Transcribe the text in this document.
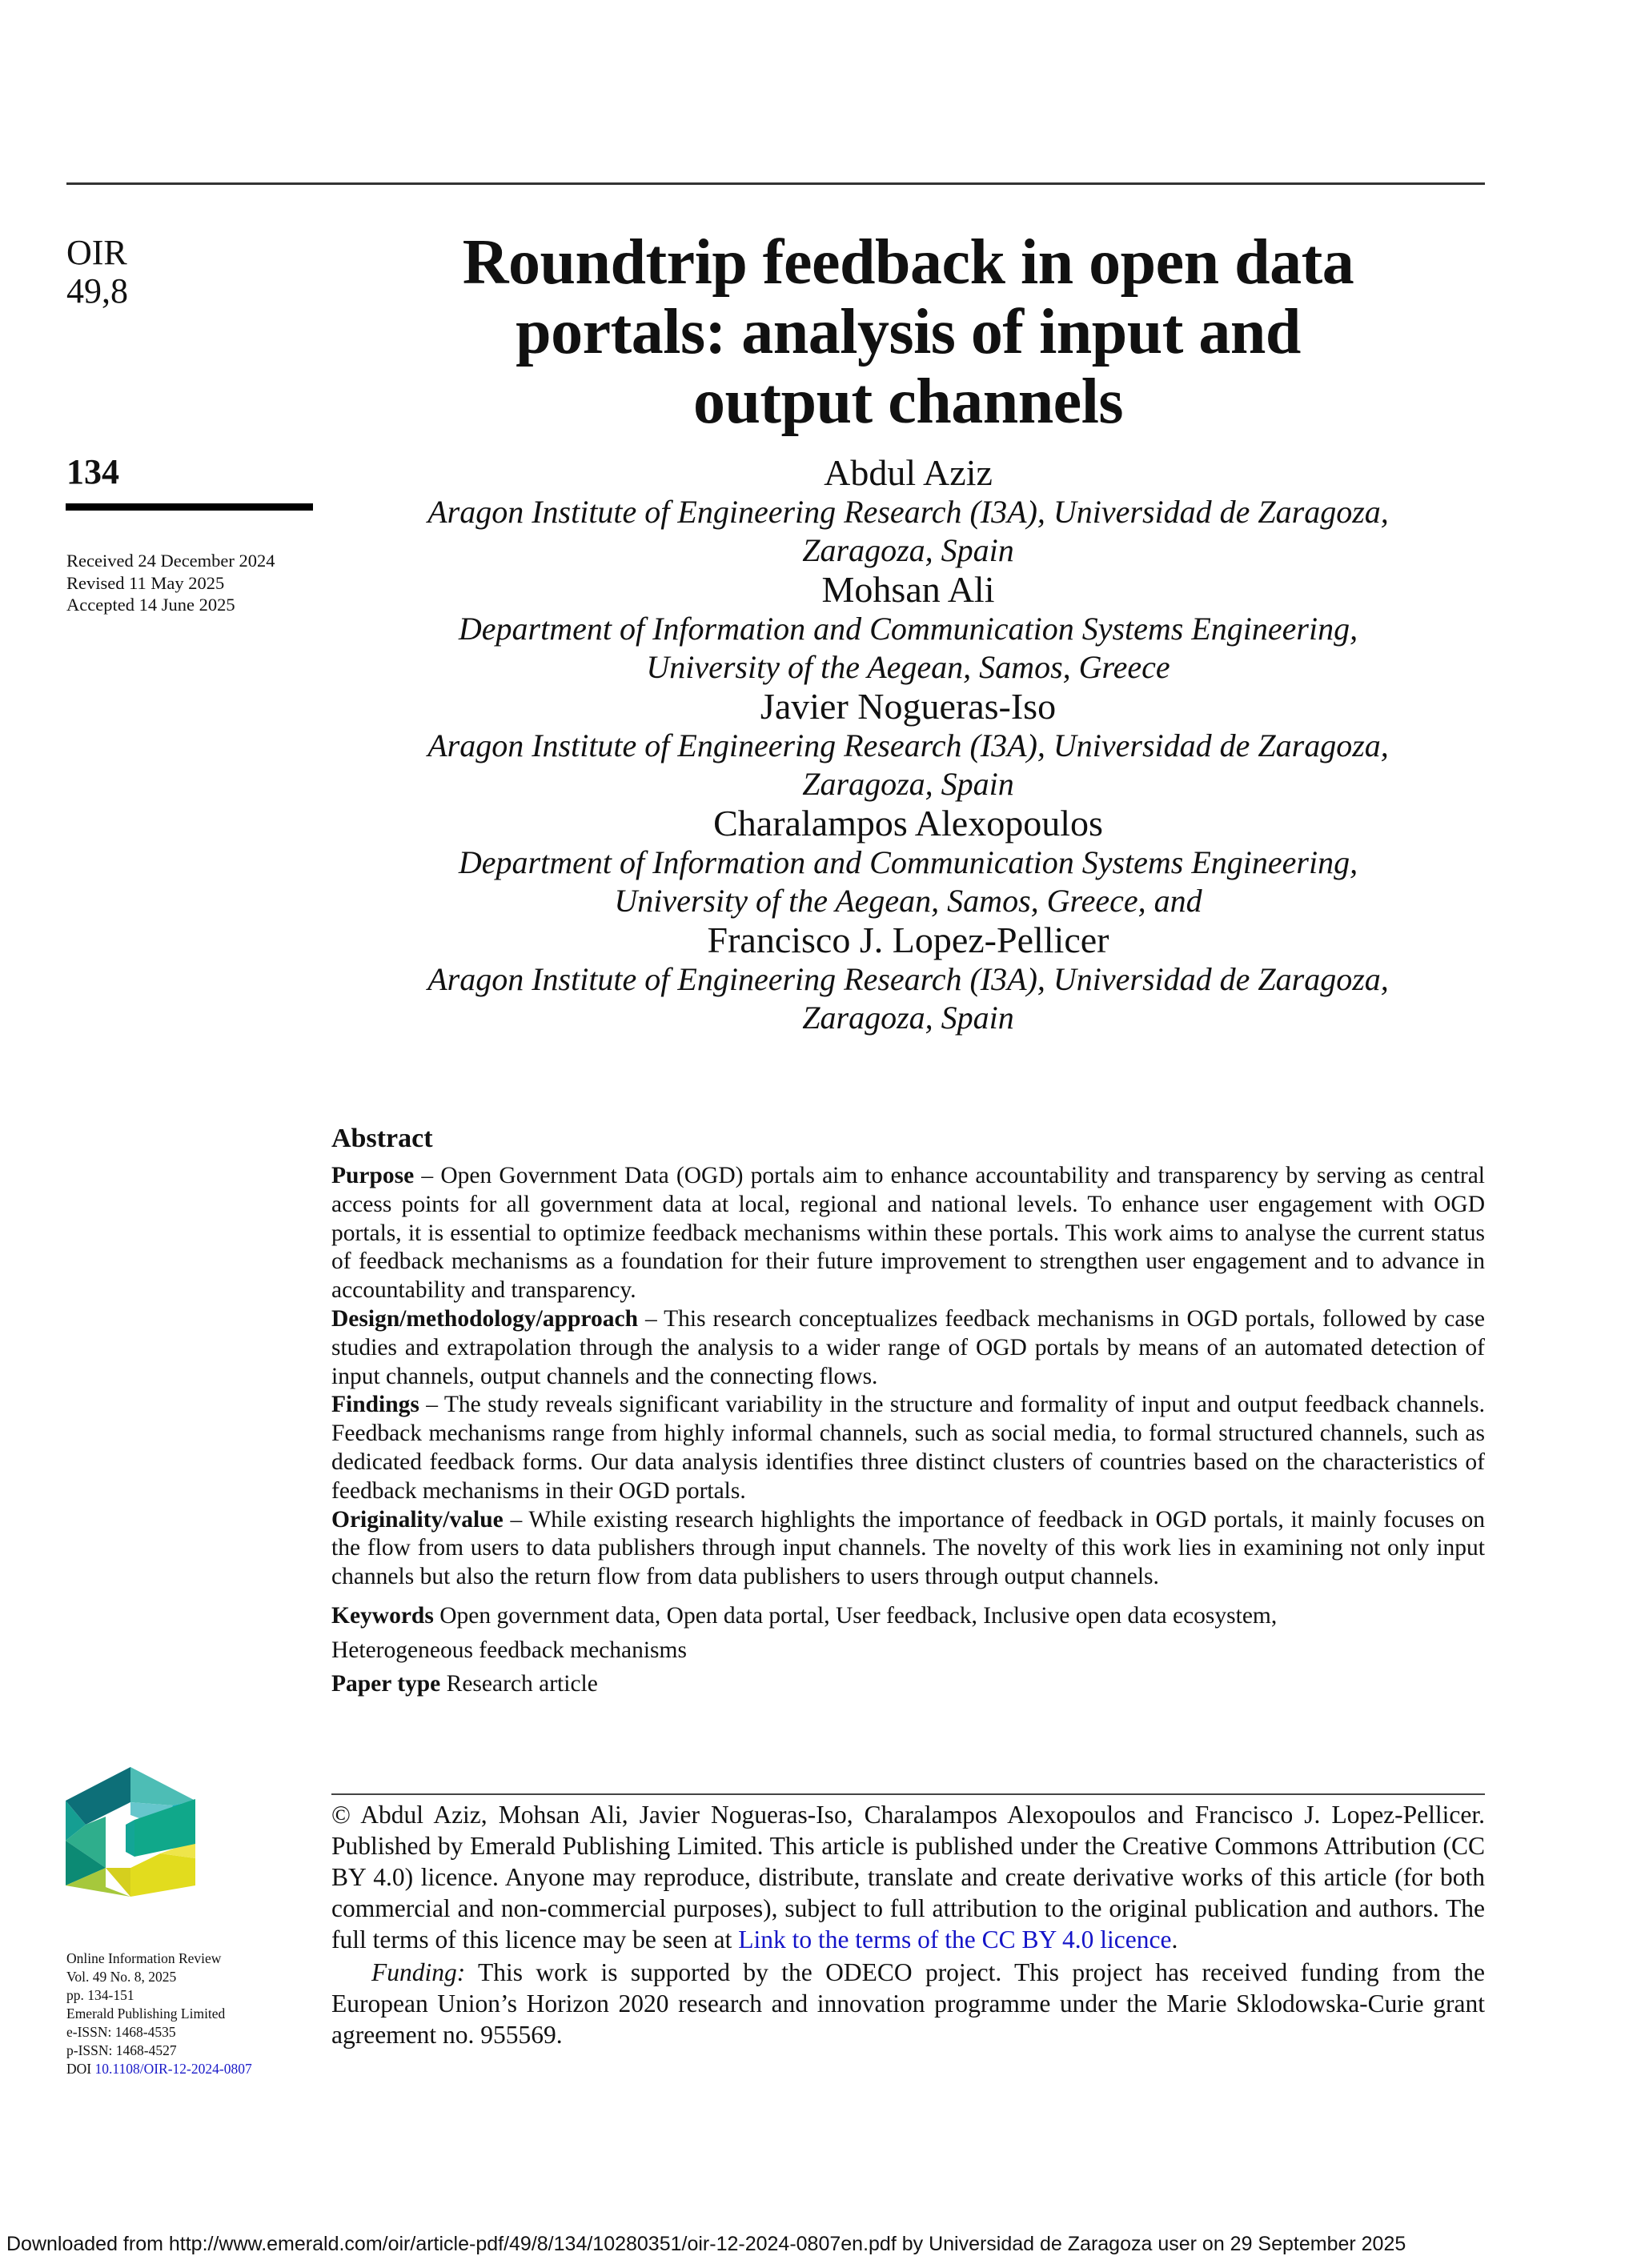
OIR
49,8
134
Received 24 December 2024
Revised 11 May 2025
Accepted 14 June 2025
Roundtrip feedback in open data
portals: analysis of input and
output channels
Abdul Aziz
Aragon Institute of Engineering Research (I3A), Universidad de Zaragoza,
Zaragoza, Spain
Mohsan Ali
Department of Information and Communication Systems Engineering,
University of the Aegean, Samos, Greece
Javier Nogueras-Iso
Aragon Institute of Engineering Research (I3A), Universidad de Zaragoza,
Zaragoza, Spain
Charalampos Alexopoulos
Department of Information and Communication Systems Engineering,
University of the Aegean, Samos, Greece, and
Francisco J. Lopez-Pellicer
Aragon Institute of Engineering Research (I3A), Universidad de Zaragoza,
Zaragoza, Spain
Abstract

Purpose – Open Government Data (OGD) portals aim to enhance accountability and transparency by serving as central access points for all government data at local, regional and national levels. To enhance user engagement with OGD portals, it is essential to optimize feedback mechanisms within these portals. This work aims to analyse the current status of feedback mechanisms as a foundation for their future improvement to strengthen user engagement and to advance in accountability and transparency.

Design/methodology/approach – This research conceptualizes feedback mechanisms in OGD portals, followed by case studies and extrapolation through the analysis to a wider range of OGD portals by means of an automated detection of input channels, output channels and the connecting flows.

Findings – The study reveals significant variability in the structure and formality of input and output feedback channels. Feedback mechanisms range from highly informal channels, such as social media, to formal structured channels, such as dedicated feedback forms. Our data analysis identifies three distinct clusters of countries based on the characteristics of feedback mechanisms in their OGD portals.

Originality/value – While existing research highlights the importance of feedback in OGD portals, it mainly focuses on the flow from users to data publishers through input channels. The novelty of this work lies in examining not only input channels but also the return flow from data publishers to users through output channels.

Keywords Open government data, Open data portal, User feedback, Inclusive open data ecosystem,

Heterogeneous feedback mechanisms

Paper type Research article

© Abdul Aziz, Mohsan Ali, Javier Nogueras-Iso, Charalampos Alexopoulos and Francisco J. Lopez-Pellicer. Published by Emerald Publishing Limited. This article is published under the Creative Commons Attribution (CC BY 4.0) licence. Anyone may reproduce, distribute, translate and create derivative works of this article (for both commercial and non-commercial purposes), subject to full attribution to the original publication and authors. The full terms of this licence may be seen at Link to the terms of the CC BY 4.0 licence.

Funding: This work is supported by the ODECO project. This project has received funding from the European Union’s Horizon 2020 research and innovation programme under the Marie Sklodowska-Curie grant agreement no. 955569.

Online Information Review
Vol. 49 No. 8, 2025
pp. 134-151
Emerald Publishing Limited
e-ISSN: 1468-4535
p-ISSN: 1468-4527
DOI 10.1108/OIR-12-2024-0807
Downloaded from http://www.emerald.com/oir/article-pdf/49/8/134/10280351/oir-12-2024-0807en.pdf by Universidad de Zaragoza user on 29 September 2025
